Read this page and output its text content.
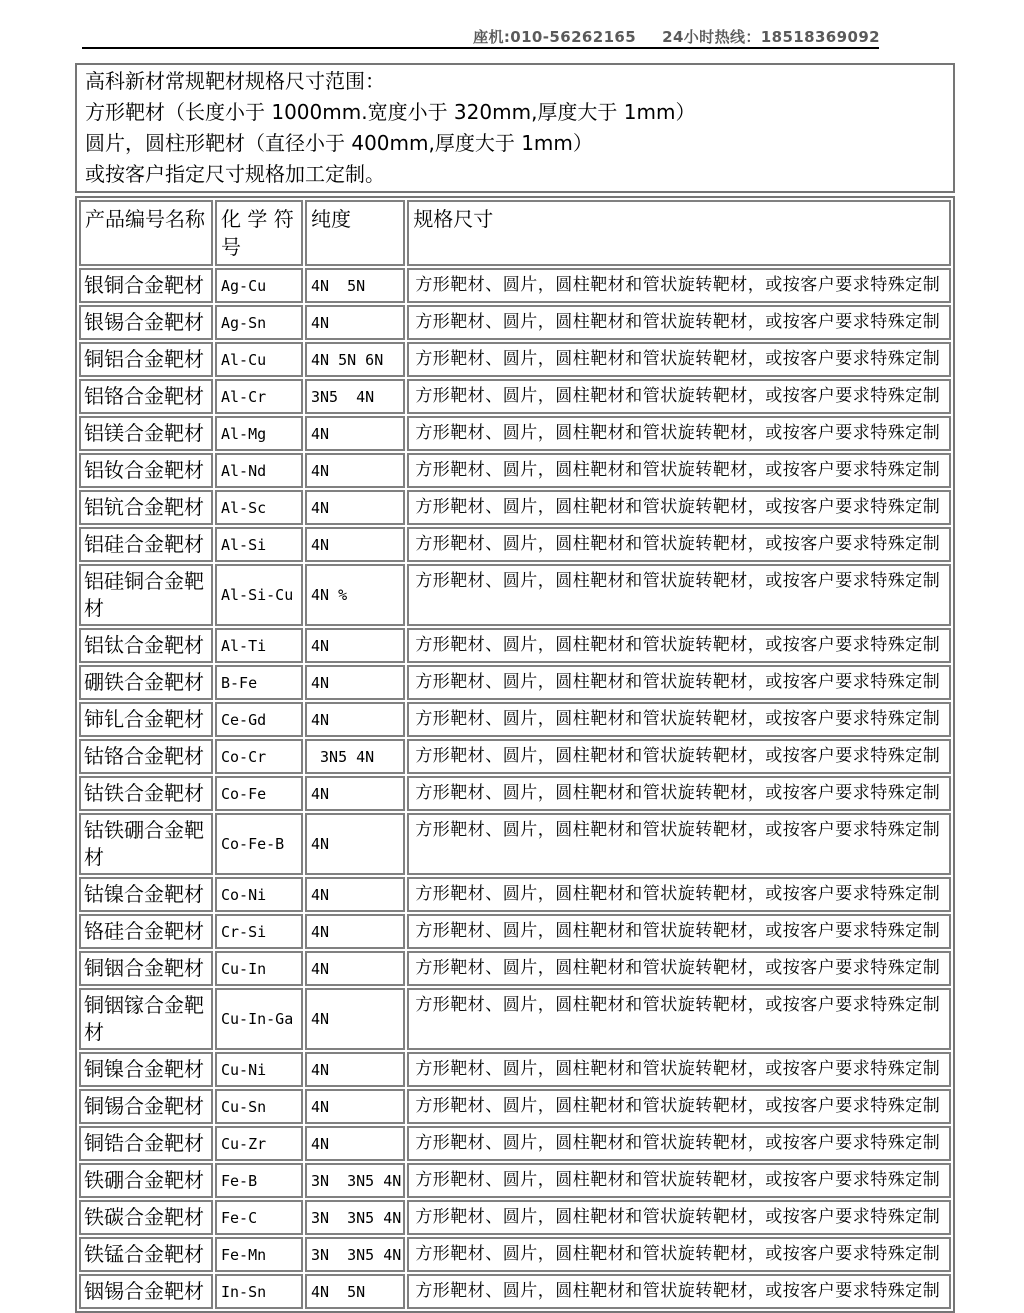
座机:010-56262165 24小时热线：18518369092
高科新材常规靶材规格尺寸范围：
方形靶材（长度小于 1000mm.宽度小于 320mm,厚度大于 1mm）
圆片，圆柱形靶材（直径小于 400mm,厚度大于 1mm）
或按客户指定尺寸规格加工定制。
产品编号名称	化 学 符号	纯度	规格尺寸
银铜合金靶材	Ag-Cu	4N  5N	方形靶材、圆片，圆柱靶材和管状旋转靶材，或按客户要求特殊定制
银锡合金靶材	Ag-Sn	4N	方形靶材、圆片，圆柱靶材和管状旋转靶材，或按客户要求特殊定制
铜铝合金靶材	Al-Cu	4N 5N 6N	方形靶材、圆片，圆柱靶材和管状旋转靶材，或按客户要求特殊定制
铝铬合金靶材	Al-Cr	3N5  4N	方形靶材、圆片，圆柱靶材和管状旋转靶材，或按客户要求特殊定制
铝镁合金靶材	Al-Mg	4N	方形靶材、圆片，圆柱靶材和管状旋转靶材，或按客户要求特殊定制
铝钕合金靶材	Al-Nd	4N	方形靶材、圆片，圆柱靶材和管状旋转靶材，或按客户要求特殊定制
铝钪合金靶材	Al-Sc	4N	方形靶材、圆片，圆柱靶材和管状旋转靶材，或按客户要求特殊定制
铝硅合金靶材	Al-Si	4N	方形靶材、圆片，圆柱靶材和管状旋转靶材，或按客户要求特殊定制
铝硅铜合金靶材	Al-Si-Cu	4N %	方形靶材、圆片，圆柱靶材和管状旋转靶材，或按客户要求特殊定制
铝钛合金靶材	Al-Ti	4N	方形靶材、圆片，圆柱靶材和管状旋转靶材，或按客户要求特殊定制
硼铁合金靶材	B-Fe	4N	方形靶材、圆片，圆柱靶材和管状旋转靶材，或按客户要求特殊定制
铈钆合金靶材	Ce-Gd	4N	方形靶材、圆片，圆柱靶材和管状旋转靶材，或按客户要求特殊定制
钴铬合金靶材	Co-Cr	3N5 4N	方形靶材、圆片，圆柱靶材和管状旋转靶材，或按客户要求特殊定制
钴铁合金靶材	Co-Fe	4N	方形靶材、圆片，圆柱靶材和管状旋转靶材，或按客户要求特殊定制
钴铁硼合金靶材	Co-Fe-B	4N	方形靶材、圆片，圆柱靶材和管状旋转靶材，或按客户要求特殊定制
钴镍合金靶材	Co-Ni	4N	方形靶材、圆片，圆柱靶材和管状旋转靶材，或按客户要求特殊定制
铬硅合金靶材	Cr-Si	4N	方形靶材、圆片，圆柱靶材和管状旋转靶材，或按客户要求特殊定制
铜铟合金靶材	Cu-In	4N	方形靶材、圆片，圆柱靶材和管状旋转靶材，或按客户要求特殊定制
铜铟镓合金靶材	Cu-In-Ga	4N	方形靶材、圆片，圆柱靶材和管状旋转靶材，或按客户要求特殊定制
铜镍合金靶材	Cu-Ni	4N	方形靶材、圆片，圆柱靶材和管状旋转靶材，或按客户要求特殊定制
铜锡合金靶材	Cu-Sn	4N	方形靶材、圆片，圆柱靶材和管状旋转靶材，或按客户要求特殊定制
铜锆合金靶材	Cu-Zr	4N	方形靶材、圆片，圆柱靶材和管状旋转靶材，或按客户要求特殊定制
铁硼合金靶材	Fe-B	3N  3N5 4N	方形靶材、圆片，圆柱靶材和管状旋转靶材，或按客户要求特殊定制
铁碳合金靶材	Fe-C	3N  3N5 4N	方形靶材、圆片，圆柱靶材和管状旋转靶材，或按客户要求特殊定制
铁锰合金靶材	Fe-Mn	3N  3N5 4N	方形靶材、圆片，圆柱靶材和管状旋转靶材，或按客户要求特殊定制
铟锡合金靶材	In-Sn	4N  5N	方形靶材、圆片，圆柱靶材和管状旋转靶材，或按客户要求特殊定制
